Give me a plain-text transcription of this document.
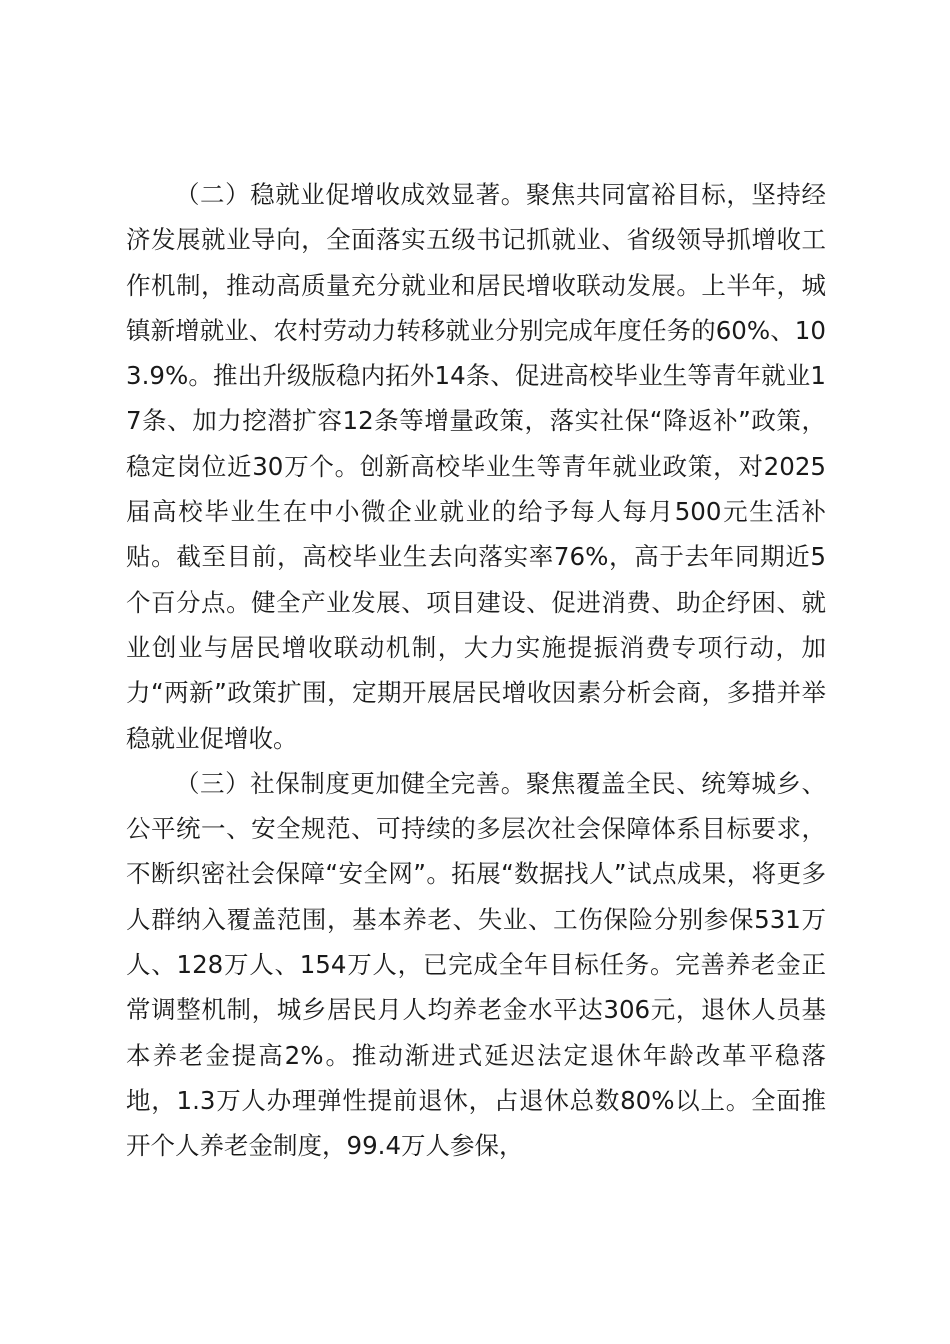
（二）稳就业促增收成效显著。聚焦共同富裕目标，坚持经济发展就业导向，全面落实五级书记抓就业、省级领导抓增收工作机制，推动高质量充分就业和居民增收联动发展。上半年，城镇新增就业、农村劳动力转移就业分别完成年度任务的60%、103.9%。推出升级版稳内拓外14条、促进高校毕业生等青年就业17条、加力挖潜扩容12条等增量政策，落实社保“降返补”政策，稳定岗位近30万个。创新高校毕业生等青年就业政策，对2025届高校毕业生在中小微企业就业的给予每人每月500元生活补贴。截至目前，高校毕业生去向落实率76%，高于去年同期近5个百分点。健全产业发展、项目建设、促进消费、助企纾困、就业创业与居民增收联动机制，大力实施提振消费专项行动，加力“两新”政策扩围，定期开展居民增收因素分析会商，多措并举稳就业促增收。

（三）社保制度更加健全完善。聚焦覆盖全民、统筹城乡、公平统一、安全规范、可持续的多层次社会保障体系目标要求，不断织密社会保障“安全网”。拓展“数据找人”试点成果，将更多人群纳入覆盖范围，基本养老、失业、工伤保险分别参保531万人、128万人、154万人，已完成全年目标任务。完善养老金正常调整机制，城乡居民月人均养老金水平达306元，退休人员基本养老金提高2%。推动渐进式延迟法定退休年龄改革平稳落地，1.3万人办理弹性提前退休，占退休总数80%以上。全面推开个人养老金制度，99.4万人参保，
